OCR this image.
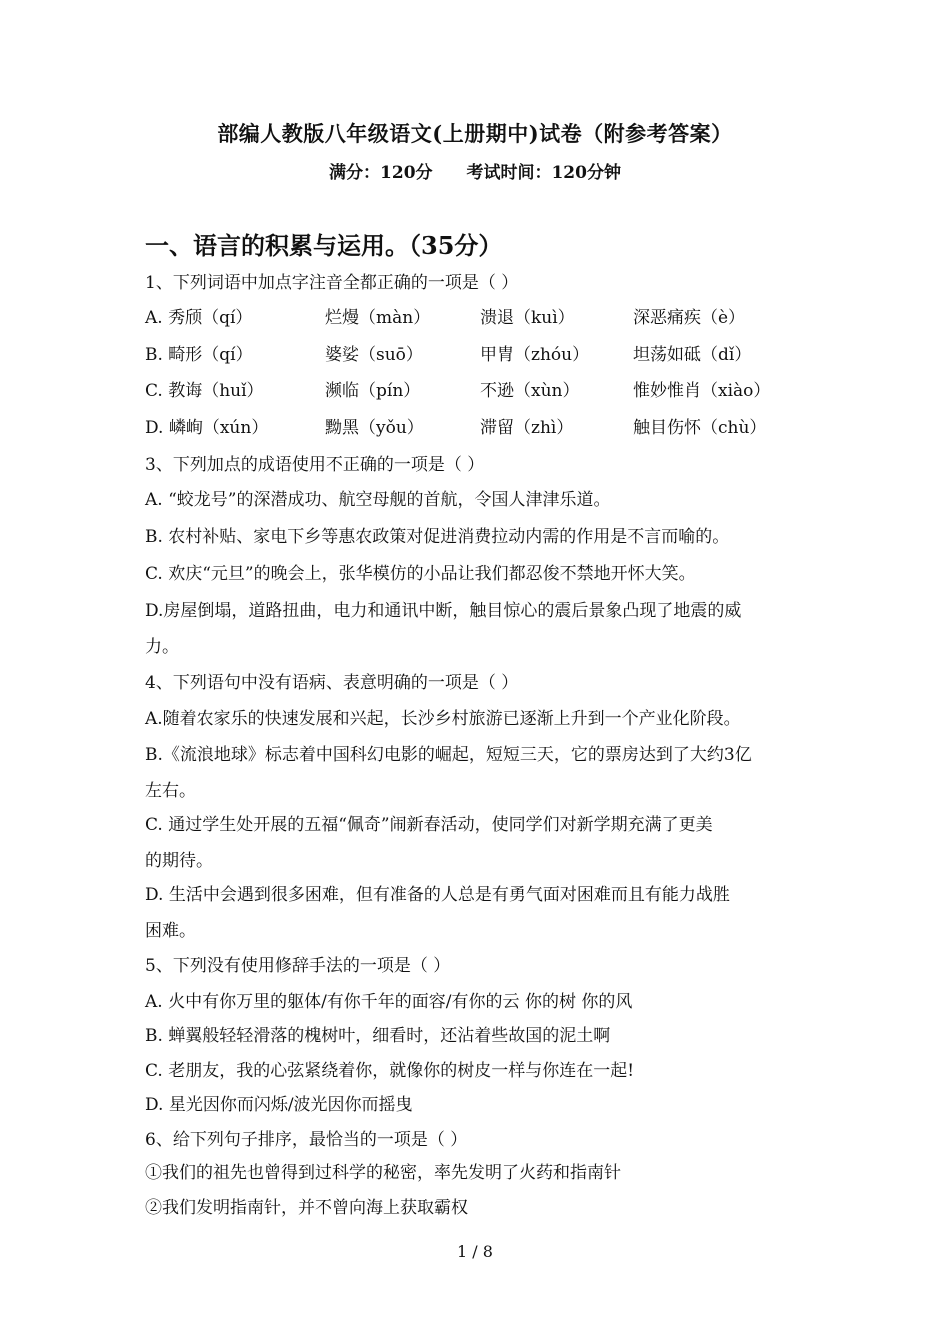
部编人教版八年级语文(上册期中)试卷（附参考答案）
满分：120分 考试时间：120分钟
一、语言的积累与运用。（35分）
1、下列词语中加点字注音全都正确的一项是（ ）
A. 秀颀（qí）	烂熳（màn）	溃退（kuì）	深恶痛疾（è）
B. 畸形（qí）	婆娑（suō）	甲胄（zhóu）	坦荡如砥（dǐ）
C. 教诲（huǐ）	濒临（pín）	不逊（xùn）	惟妙惟肖（xiào）
D. 嶙峋（xún）	黝黑（yǒu）	滞留（zhì）	触目伤怀（chù）
3、下列加点的成语使用不正确的一项是（ ）
A. “蛟龙号”的深潜成功、航空母舰的首航，令国人津津乐道。
B. 农村补贴、家电下乡等惠农政策对促进消费拉动内需的作用是不言而喻的。
C. 欢庆“元旦”的晚会上，张华模仿的小品让我们都忍俊不禁地开怀大笑。
D.房屋倒塌，道路扭曲，电力和通讯中断，触目惊心的震后景象凸现了地震的威
力。
4、下列语句中没有语病、表意明确的一项是（ ）
A.随着农家乐的快速发展和兴起，长沙乡村旅游已逐渐上升到一个产业化阶段。
B.《流浪地球》标志着中国科幻电影的崛起，短短三天，它的票房达到了大约3亿
左右。
C. 通过学生处开展的五福“佩奇”闹新春活动，使同学们对新学期充满了更美
的期待。
D. 生活中会遇到很多困难，但有准备的人总是有勇气面对困难而且有能力战胜
困难。
5、下列没有使用修辞手法的一项是（ ）
A. 火中有你万里的躯体/有你千年的面容/有你的云 你的树 你的风
B. 蝉翼般轻轻滑落的槐树叶，细看时，还沾着些故国的泥土啊
C. 老朋友，我的心弦紧绕着你，就像你的树皮一样与你连在一起!
D. 星光因你而闪烁/波光因你而摇曳
6、给下列句子排序，最恰当的一项是（ ）
①我们的祖先也曾得到过科学的秘密，率先发明了火药和指南针
②我们发明指南针，并不曾向海上获取霸权
1 / 8
